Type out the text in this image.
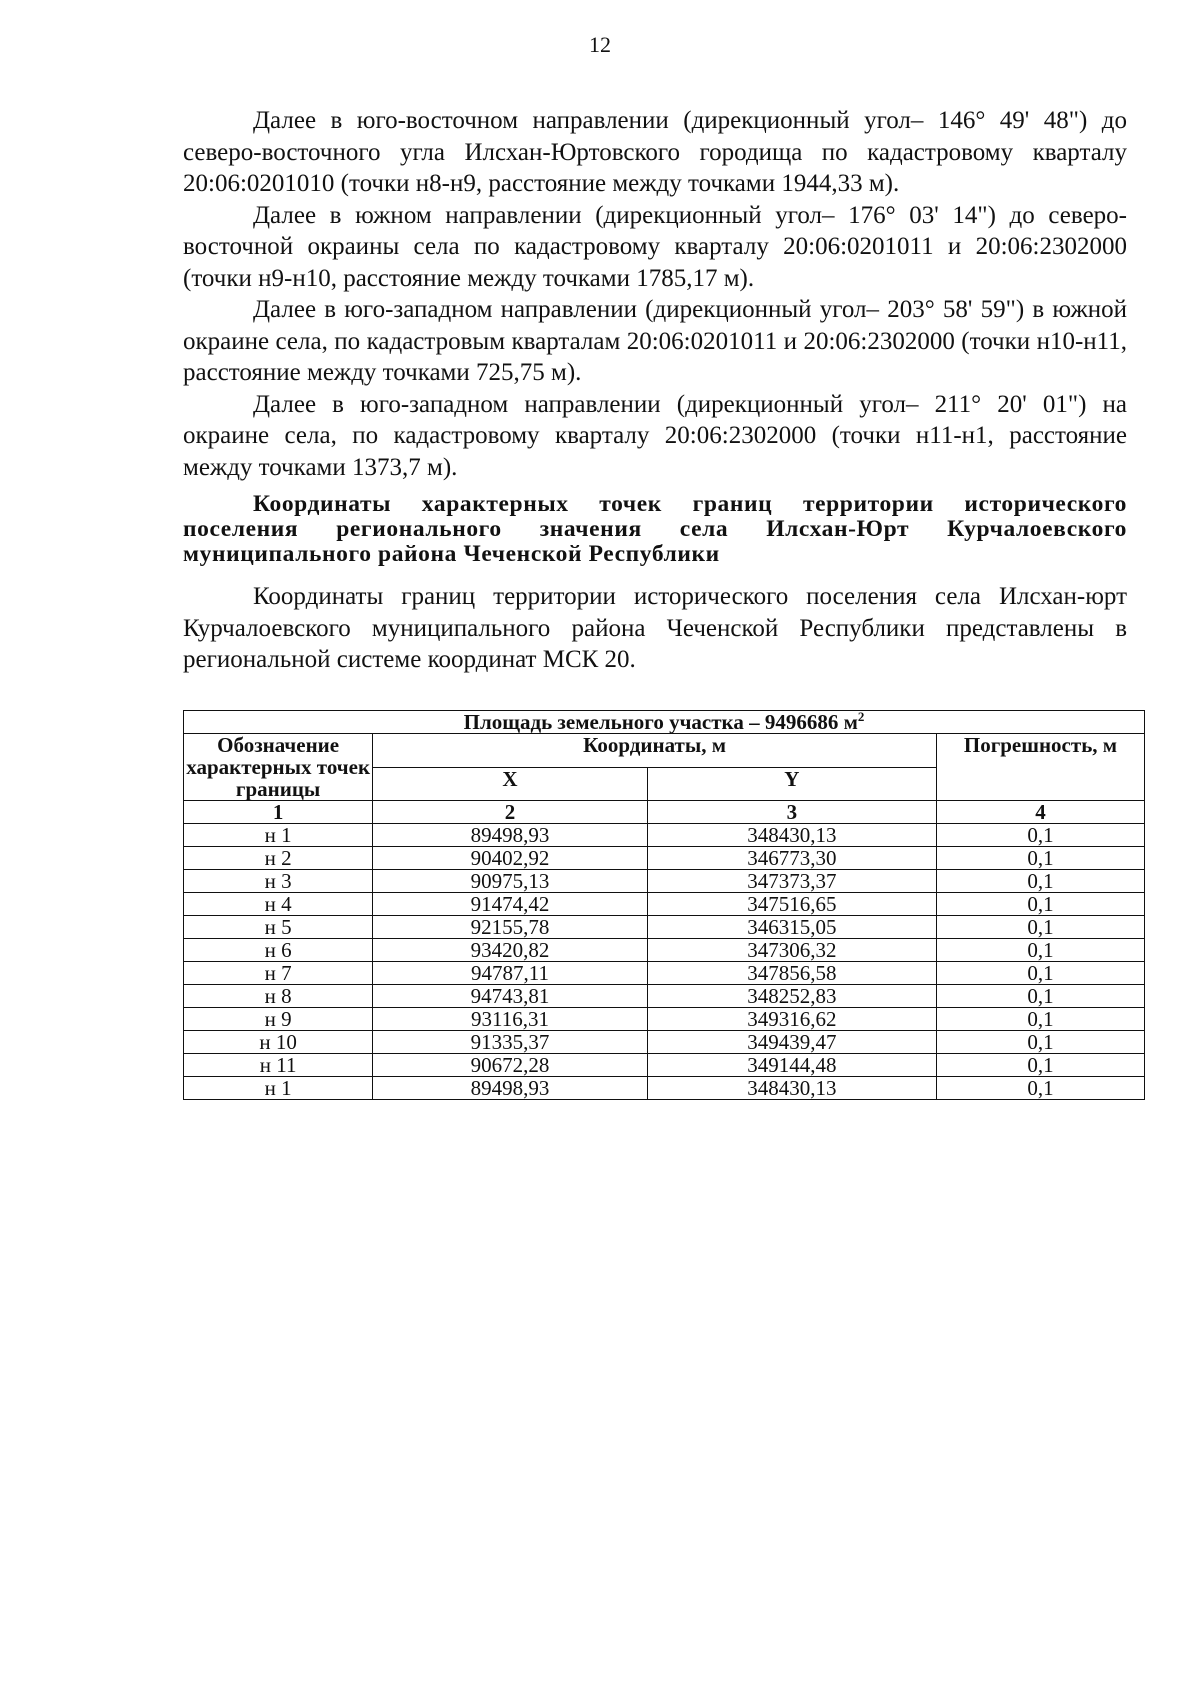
12

Далее в юго-восточном направлении (дирекционный угол– 146° 49' 48") до северо-восточного угла Илсхан-Юртовского городища по кадастровому кварталу 20:06:0201010 (точки н8-н9, расстояние между точками 1944,33 м).

Далее в южном направлении (дирекционный угол– 176° 03' 14") до северо-восточной окраины села по кадастровому кварталу 20:06:0201011 и 20:06:2302000 (точки н9-н10, расстояние между точками 1785,17 м).

Далее в юго-западном направлении (дирекционный угол– 203° 58' 59") в южной окраине села, по кадастровым кварталам 20:06:0201011 и 20:06:2302000 (точки н10-н11, расстояние между точками 725,75 м).

Далее в юго-западном направлении (дирекционный угол– 211° 20' 01") на окраине села, по кадастровому кварталу 20:06:2302000 (точки н11-н1, расстояние между точками 1373,7 м).

Координаты характерных точек границ территории исторического поселения регионального значения села Илсхан-Юрт Курчалоевского муниципального района Чеченской Республики

Координаты границ территории исторического поселения села Илсхан-юрт Курчалоевского муниципального района Чеченской Республики представлены в региональной системе координат МСК 20.

Площадь земельного участка – 9496686 $м^2$
Обозначение характерных точек границы	Координаты, м		Погрешность, м
	X	Y	
1	2	3	4
н 1	89498,93	348430,13	0,1
н 2	90402,92	346773,30	0,1
н 3	90975,13	347373,37	0,1
н 4	91474,42	347516,65	0,1
н 5	92155,78	346315,05	0,1
н 6	93420,82	347306,32	0,1
н 7	94787,11	347856,58	0,1
н 8	94743,81	348252,83	0,1
н 9	93116,31	349316,62	0,1
н 10	91335,37	349439,47	0,1
н 11	90672,28	349144,48	0,1
н 1	89498,93	348430,13	0,1
